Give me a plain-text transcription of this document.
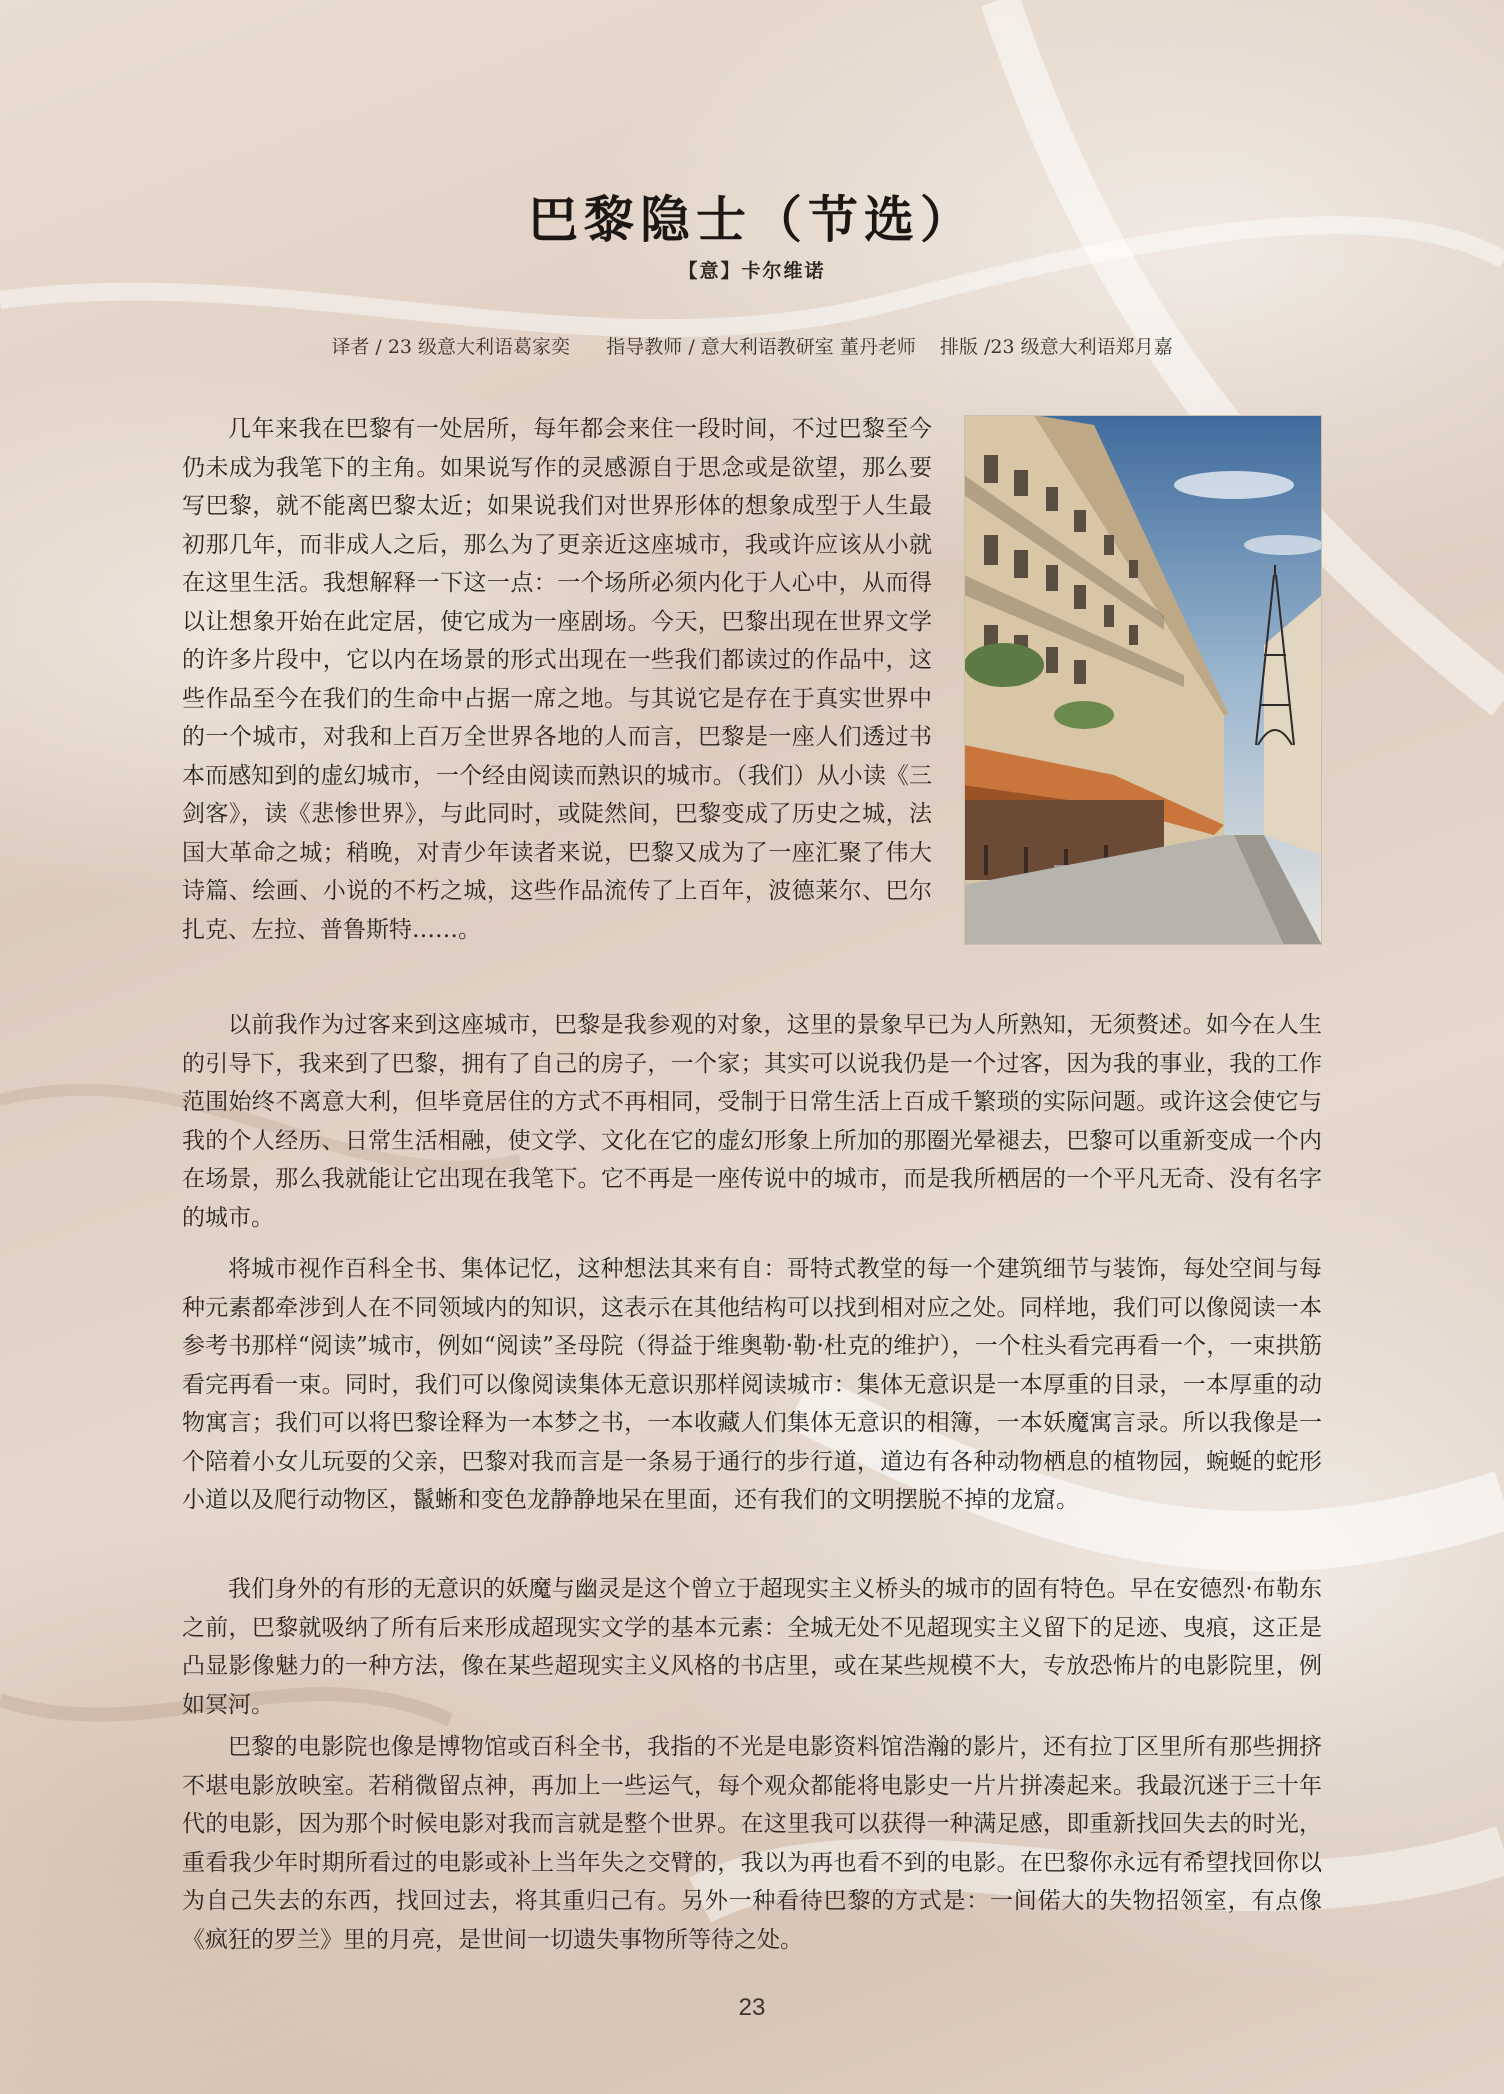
巴黎隐士（节选）
【意】卡尔维诺
译者 / 23 级意大利语葛家奕      指导教师 / 意大利语教研室 董丹老师    排版 /23 级意大利语郑月嘉

几年来我在巴黎有一处居所，每年都会来住一段时间，不过巴黎至今仍未成为我笔下的主角。如果说写作的灵感源自于思念或是欲望，那么要写巴黎，就不能离巴黎太近；如果说我们对世界形体的想象成型于人生最初那几年，而非成人之后，那么为了更亲近这座城市，我或许应该从小就在这里生活。我想解释一下这一点：一个场所必须内化于人心中，从而得以让想象开始在此定居，使它成为一座剧场。今天，巴黎出现在世界文学的许多片段中，它以内在场景的形式出现在一些我们都读过的作品中，这些作品至今在我们的生命中占据一席之地。与其说它是存在于真实世界中的一个城市，对我和上百万全世界各地的人而言，巴黎是一座人们透过书本而感知到的虚幻城市，一个经由阅读而熟识的城市。（我们）从小读《三剑客》，读《悲惨世界》，与此同时，或陡然间，巴黎变成了历史之城，法国大革命之城；稍晚，对青少年读者来说，巴黎又成为了一座汇聚了伟大诗篇、绘画、小说的不朽之城，这些作品流传了上百年，波德莱尔、巴尔扎克、左拉、普鲁斯特……。

以前我作为过客来到这座城市，巴黎是我参观的对象，这里的景象早已为人所熟知，无须赘述。如今在人生的引导下，我来到了巴黎，拥有了自己的房子，一个家；其实可以说我仍是一个过客，因为我的事业，我的工作范围始终不离意大利，但毕竟居住的方式不再相同，受制于日常生活上百成千繁琐的实际问题。或许这会使它与我的个人经历、日常生活相融，使文学、文化在它的虚幻形象上所加的那圈光晕褪去，巴黎可以重新变成一个内在场景，那么我就能让它出现在我笔下。它不再是一座传说中的城市，而是我所栖居的一个平凡无奇、没有名字的城市。

将城市视作百科全书、集体记忆，这种想法其来有自：哥特式教堂的每一个建筑细节与装饰，每处空间与每种元素都牵涉到人在不同领域内的知识，这表示在其他结构可以找到相对应之处。同样地，我们可以像阅读一本参考书那样“阅读”城市，例如“阅读”圣母院（得益于维奥勒·勒·杜克的维护），一个柱头看完再看一个，一束拱筋看完再看一束。同时，我们可以像阅读集体无意识那样阅读城市：集体无意识是一本厚重的目录，一本厚重的动物寓言；我们可以将巴黎诠释为一本梦之书，一本收藏人们集体无意识的相簿，一本妖魔寓言录。所以我像是一个陪着小女儿玩耍的父亲，巴黎对我而言是一条易于通行的步行道，道边有各种动物栖息的植物园，蜿蜒的蛇形小道以及爬行动物区，鬣蜥和变色龙静静地呆在里面，还有我们的文明摆脱不掉的龙窟。

我们身外的有形的无意识的妖魔与幽灵是这个曾立于超现实主义桥头的城市的固有特色。早在安德烈·布勒东之前，巴黎就吸纳了所有后来形成超现实文学的基本元素：全城无处不见超现实主义留下的足迹、曳痕，这正是凸显影像魅力的一种方法，像在某些超现实主义风格的书店里，或在某些规模不大，专放恐怖片的电影院里，例如冥河。

巴黎的电影院也像是博物馆或百科全书，我指的不光是电影资料馆浩瀚的影片，还有拉丁区里所有那些拥挤不堪电影放映室。若稍微留点神，再加上一些运气，每个观众都能将电影史一片片拼凑起来。我最沉迷于三十年代的电影，因为那个时候电影对我而言就是整个世界。在这里我可以获得一种满足感，即重新找回失去的时光，重看我少年时期所看过的电影或补上当年失之交臂的，我以为再也看不到的电影。在巴黎你永远有希望找回你以为自己失去的东西，找回过去，将其重归己有。另外一种看待巴黎的方式是：一间偌大的失物招领室，有点像《疯狂的罗兰》里的月亮，是世间一切遗失事物所等待之处。

23
